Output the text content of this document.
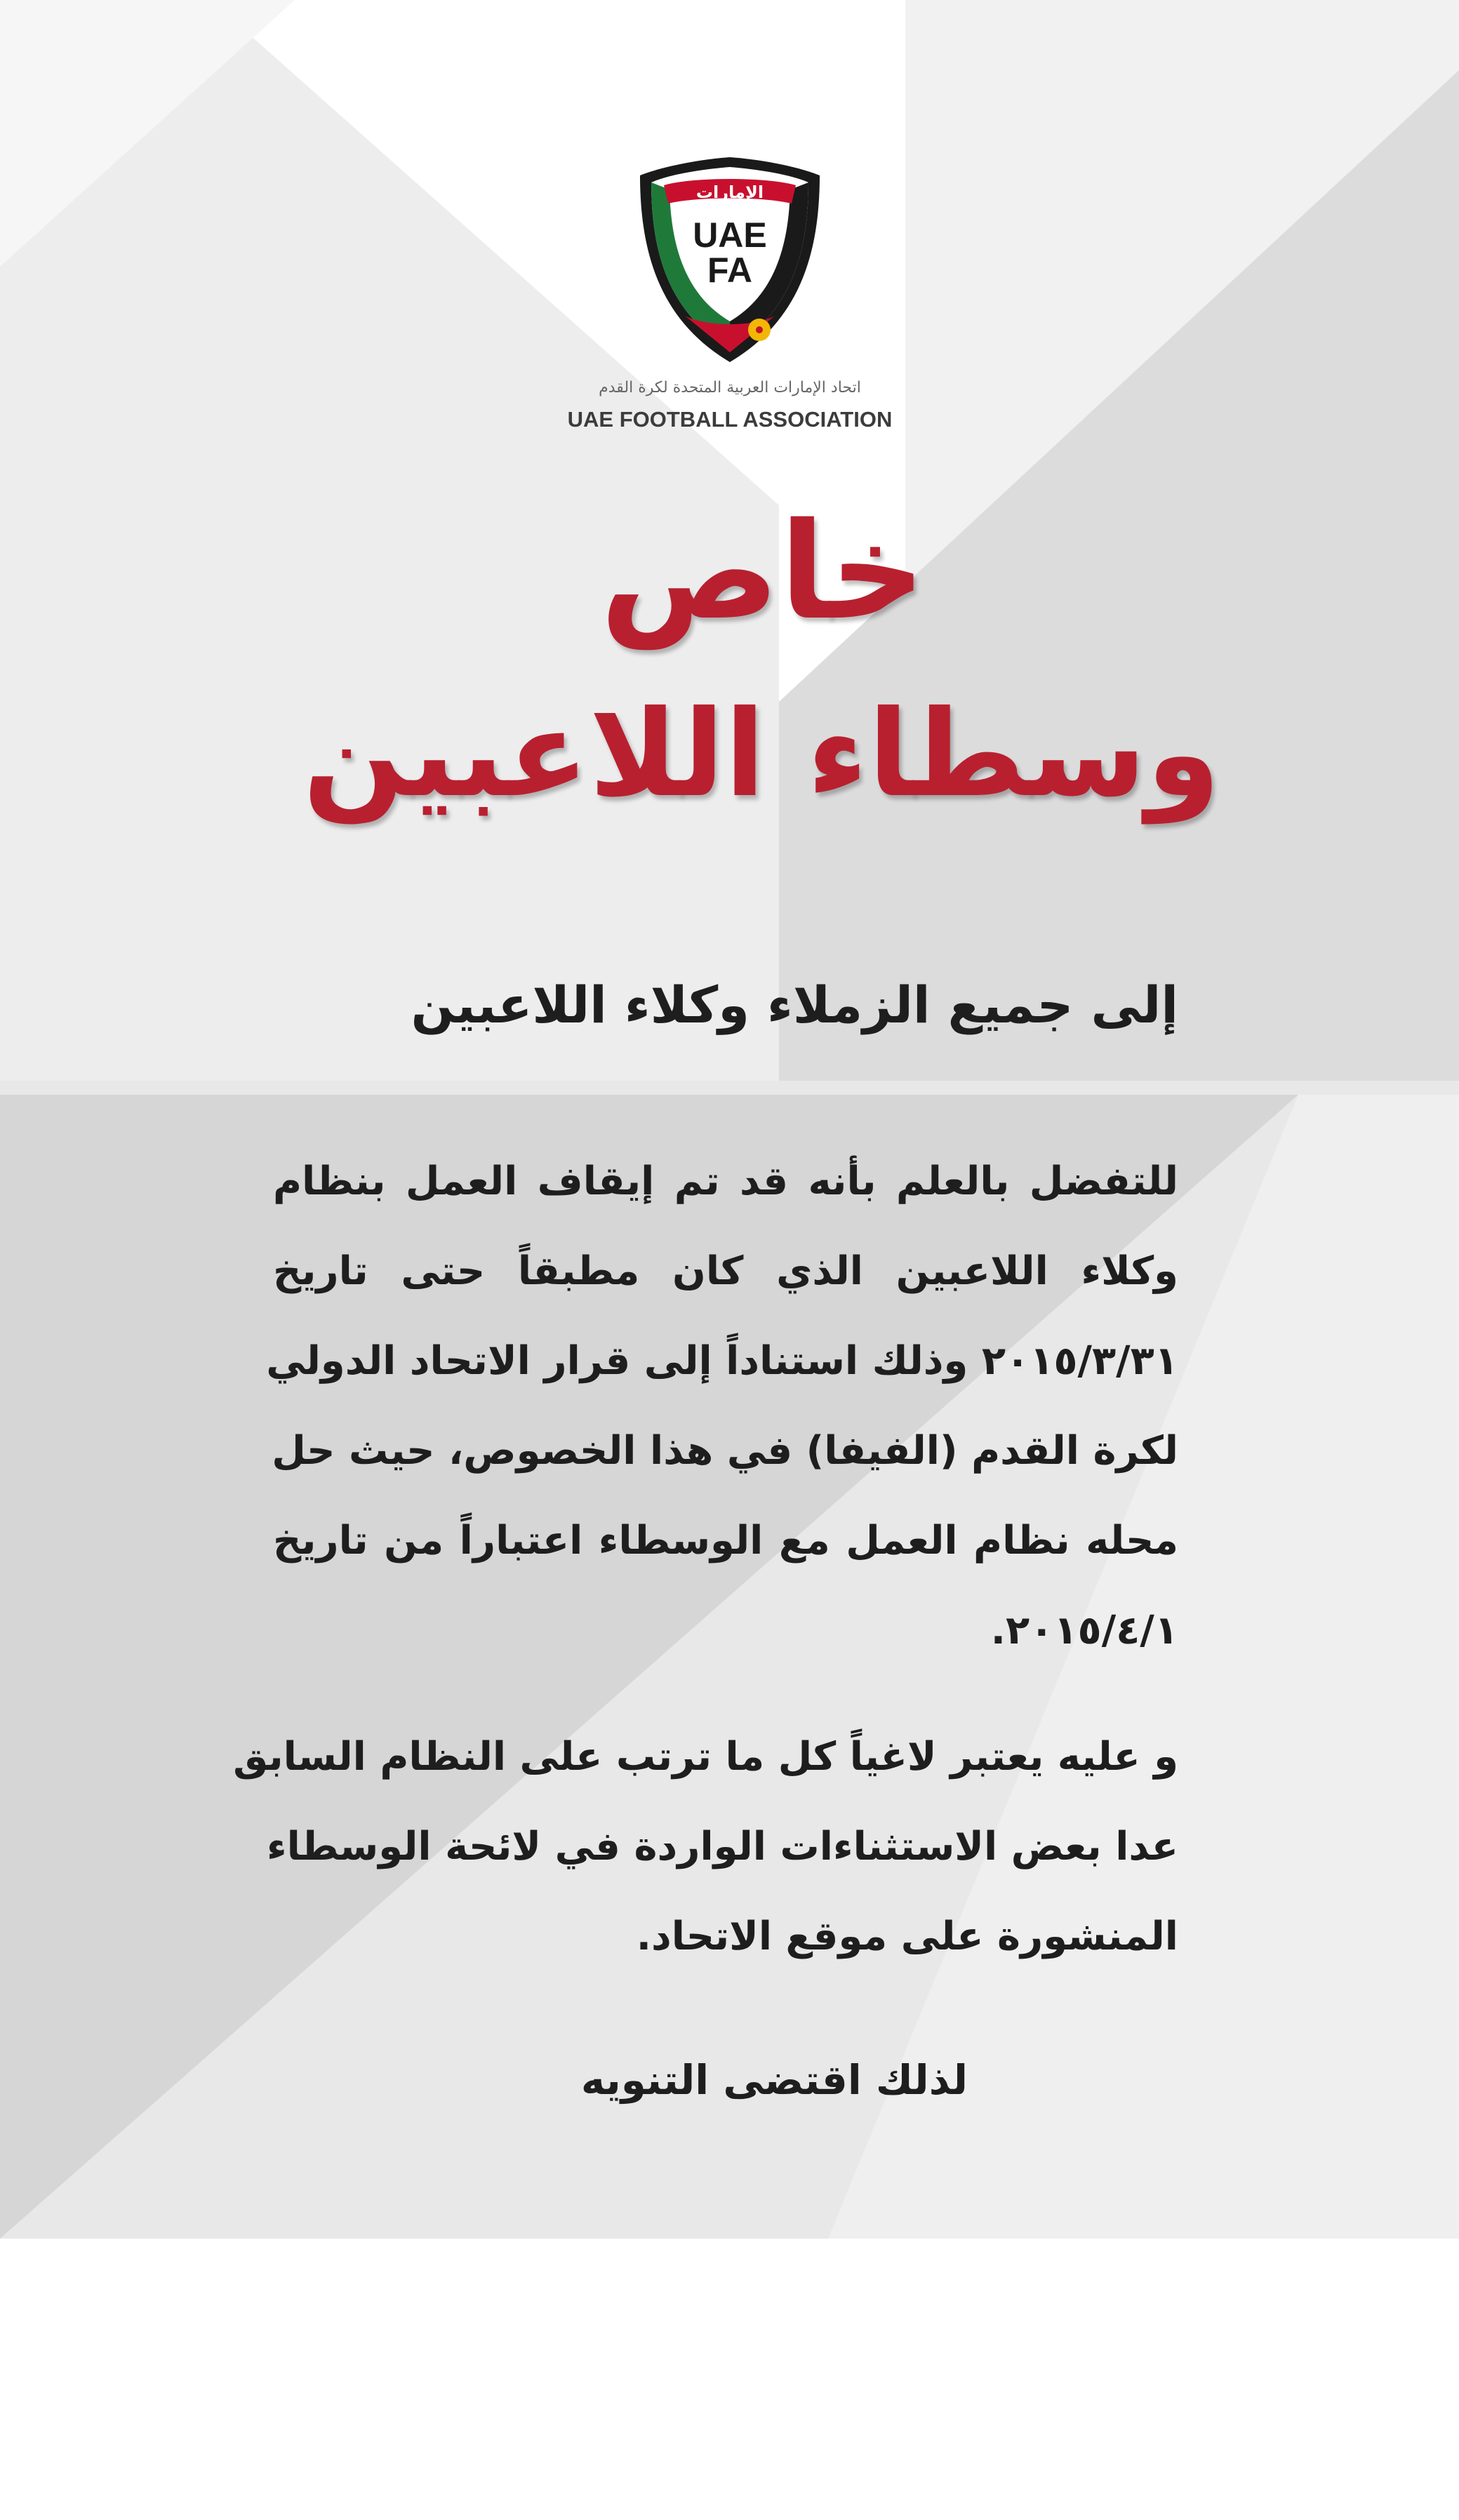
الإمارات
UAE
FA
اتحاد الإمارات العربية المتحدة لكرة القدم
UAE FOOTBALL ASSOCIATION
خاص
وسطاء اللاعبين
إلى جميع الزملاء وكلاء اللاعبين

للتفضل بالعلم بأنه قد تم إيقاف العمل بنظام
وكلاء اللاعبين الذي كان مطبقاً حتى تاريخ
٢٠١٥/٣/٣١ وذلك استناداً إلى قرار الاتحاد الدولي
لكرة القدم (الفيفا) في هذا الخصوص، حيث حل
محله نظام العمل مع الوسطاء اعتباراً من تاريخ
٢٠١٥/٤/١.

و عليه يعتبر لاغياً كل ما ترتب على النظام السابق
عدا بعض الاستثناءات الواردة في لائحة الوسطاء
المنشورة على موقع الاتحاد.

لذلك اقتضى التنويه
